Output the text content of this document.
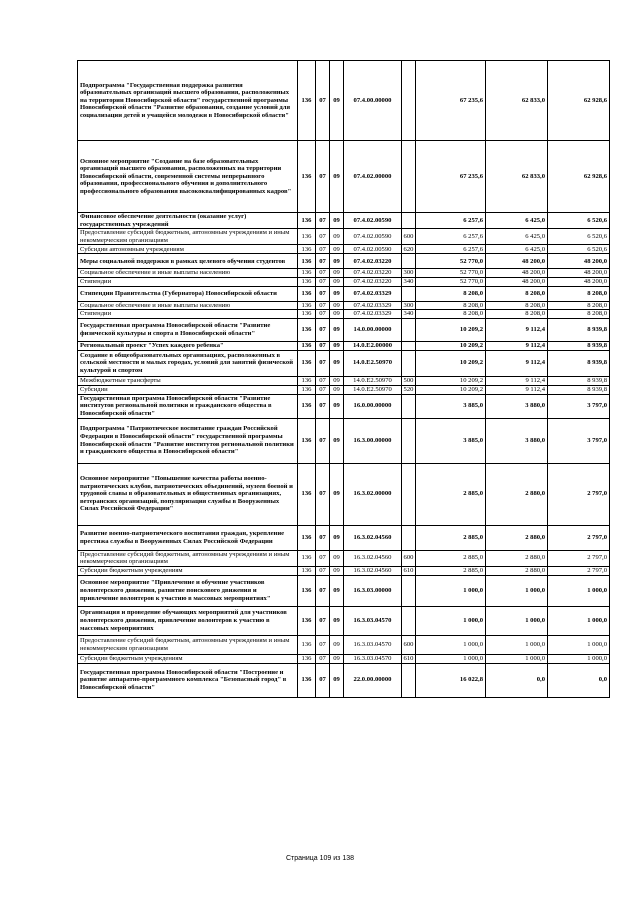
Подпрограмма "Государственная поддержка развития образовательных организаций высшего образования, расположенных на территории Новосибирской области" государственной программы Новосибирской области "Развитие образования, создание условий для социализации детей и учащейся молодежи в Новосибирской области"	136	07	09	07.4.00.00000		67 235,6	62 833,0	62 928,6
Основное мероприятие "Создание на базе образовательных организаций высшего образования, расположенных на территории Новосибирской области, современной системы непрерывного образования, профессионального обучения и дополнительного профессионального образования высококвалифицированных кадров"	136	07	09	07.4.02.00000		67 235,6	62 833,0	62 928,6
Финансовое обеспечение деятельности (оказание услуг) государственных учреждений	136	07	09	07.4.02.00590		6 257,6	6 425,0	6 520,6
Предоставление субсидий бюджетным, автономным учреждениям и иным некоммерческим организациям	136	07	09	07.4.02.00590	600	6 257,6	6 425,0	6 520,6
Субсидии автономным учреждениям	136	07	09	07.4.02.00590	620	6 257,6	6 425,0	6 520,6
Меры социальной поддержки в рамках целевого обучения студентов	136	07	09	07.4.02.03220		52 770,0	48 200,0	48 200,0
Социальное обеспечение и иные выплаты населению	136	07	09	07.4.02.03220	300	52 770,0	48 200,0	48 200,0
Стипендии	136	07	09	07.4.02.03220	340	52 770,0	48 200,0	48 200,0
Стипендии Правительства (Губернатора) Новосибирской области	136	07	09	07.4.02.03329		8 208,0	8 208,0	8 208,0
Социальное обеспечение и иные выплаты населению	136	07	09	07.4.02.03329	300	8 208,0	8 208,0	8 208,0
Стипендии	136	07	09	07.4.02.03329	340	8 208,0	8 208,0	8 208,0
Государственная программа Новосибирской области "Развитие физической культуры и спорта в Новосибирской области"	136	07	09	14.0.00.00000		10 209,2	9 112,4	8 939,8
Региональный проект "Успех каждого ребенка"	136	07	09	14.0.E2.00000		10 209,2	9 112,4	8 939,8
Создание в общеобразовательных организациях, расположенных в сельской местности и малых городах, условий для занятий физической культурой и спортом	136	07	09	14.0.E2.50970		10 209,2	9 112,4	8 939,8
Межбюджетные трансферты	136	07	09	14.0.E2.50970	500	10 209,2	9 112,4	8 939,8
Субсидии	136	07	09	14.0.E2.50970	520	10 209,2	9 112,4	8 939,8
Государственная программа Новосибирской области "Развитие институтов региональной политики и гражданского общества в Новосибирской области"	136	07	09	16.0.00.00000		3 885,0	3 880,0	3 797,0
Подпрограмма "Патриотическое воспитание граждан Российской Федерации в Новосибирской области" государственной программы Новосибирской области "Развитие институтов региональной политики и гражданского общества в Новосибирской области"	136	07	09	16.3.00.00000		3 885,0	3 880,0	3 797,0
Основное мероприятие "Повышение качества работы военно-патриотических клубов, патриотических объединений, музеев боевой и трудовой славы в образовательных и общественных организациях, ветеранских организаций, популяризация службы в Вооруженных Силах Российской Федерации"	136	07	09	16.3.02.00000		2 885,0	2 880,0	2 797,0
Развитие военно-патриотического воспитания граждан, укрепление престижа службы в Вооруженных Силах Российской Федерации	136	07	09	16.3.02.04560		2 885,0	2 880,0	2 797,0
Предоставление субсидий бюджетным, автономным учреждениям и иным некоммерческим организациям	136	07	09	16.3.02.04560	600	2 885,0	2 880,0	2 797,0
Субсидии бюджетным учреждениям	136	07	09	16.3.02.04560	610	2 885,0	2 880,0	2 797,0
Основное мероприятие "Привлечение и обучение участников волонтерского движения, развитие поискового движения и привлечение волонтеров к участию в массовых мероприятиях"	136	07	09	16.3.03.00000		1 000,0	1 000,0	1 000,0
Организация и проведение обучающих мероприятий для участников волонтерского движения, привлечение волонтеров к участию в массовых мероприятиях	136	07	09	16.3.03.04570		1 000,0	1 000,0	1 000,0
Предоставление субсидий бюджетным, автономным учреждениям и иным некоммерческим организациям	136	07	09	16.3.03.04570	600	1 000,0	1 000,0	1 000,0
Субсидии бюджетным учреждениям	136	07	09	16.3.03.04570	610	1 000,0	1 000,0	1 000,0
Государственная программа Новосибирской области "Построение и развитие аппаратно-программного комплекса "Безопасный город" в Новосибирской области"	136	07	09	22.0.00.00000		16 022,8	0,0	0,0
Страница 109 из 138
